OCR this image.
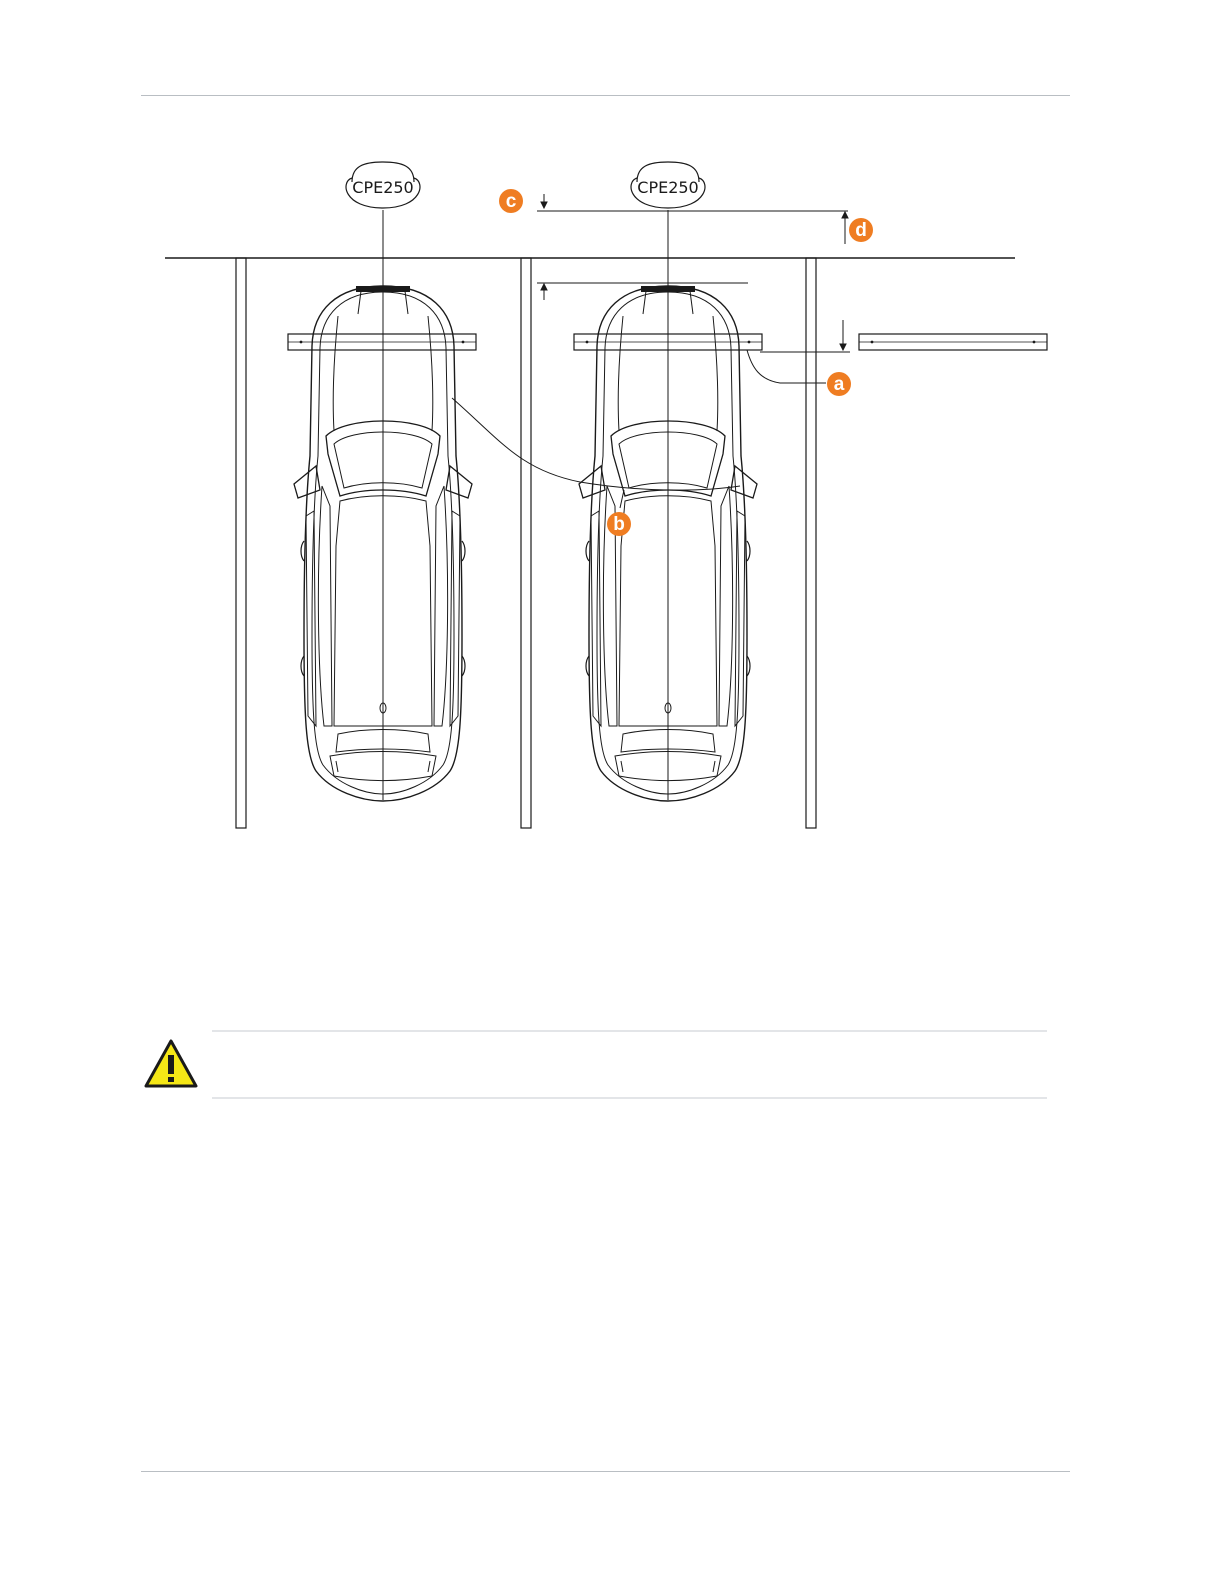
CPE250	CPE250
c
d
a
b
